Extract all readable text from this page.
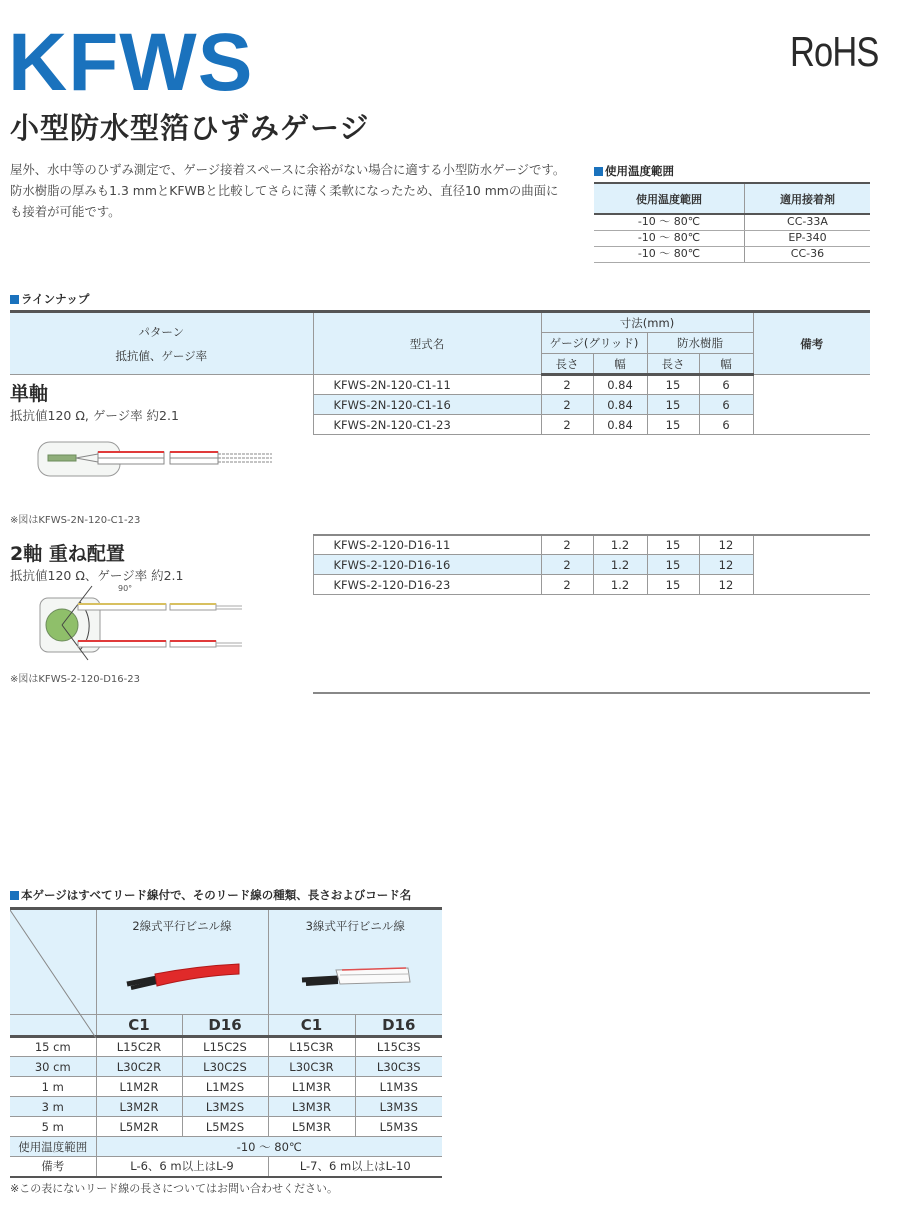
KFWS	RoHS
小型防水型箔ひずみゲージ
屋外、水中等のひずみ測定で、ゲージ接着スペースに余裕がない場合に適する小型防水ゲージです。防水樹脂の厚みも1.3 mmとKFWBと比較してさらに薄く柔軟になったため、直径10 mmの曲面にも接着が可能です。
使用温度範囲
使用温度範囲	適用接着剤
-10 ～ 80℃	CC-33A
-10 ～ 80℃	EP-340
-10 ～ 80℃	CC-36
ラインナップ
パターン
抵抗値、ゲージ率	型式名	寸法(mm)				備考
		ゲージ(グリッド)		防水樹脂		
		長さ	幅	長さ	幅	

単軸
抵抗値120 Ω, ゲージ率 約2.1
※図はKFWS-2N-120-C1-23	KFWS-2N-120-C1-11	2	0.84	15	6	
	KFWS-2N-120-C1-16	2	0.84	15	6	
	KFWS-2N-120-C1-23	2	0.84	15	6	

2軸 重ね配置
抵抗値120 Ω、ゲージ率 約2.1
90°
※図はKFWS-2-120-D16-23	KFWS-2-120-D16-11	2	1.2	15	12	
	KFWS-2-120-D16-16	2	1.2	15	12	
	KFWS-2-120-D16-23	2	1.2	15	12	

本ゲージはすべてリード線付で、そのリード線の種類、長さおよびコード名

2線式平行ビニル線		3線式平行ビニル線	

	C1	D16	C1	D16
15 cm	L15C2R	L15C2S	L15C3R	L15C3S
30 cm	L30C2R	L30C2S	L30C3R	L30C3S
1 m	L1M2R	L1M2S	L1M3R	L1M3S
3 m	L3M2R	L3M2S	L3M3R	L3M3S
5 m	L5M2R	L5M2S	L5M3R	L5M3S
使用温度範囲	-10 ～ 80℃			
備考	L-6、6 m以上はL-9		L-7、6 m以上はL-10	
※この表にないリード線の長さについてはお問い合わせください。
